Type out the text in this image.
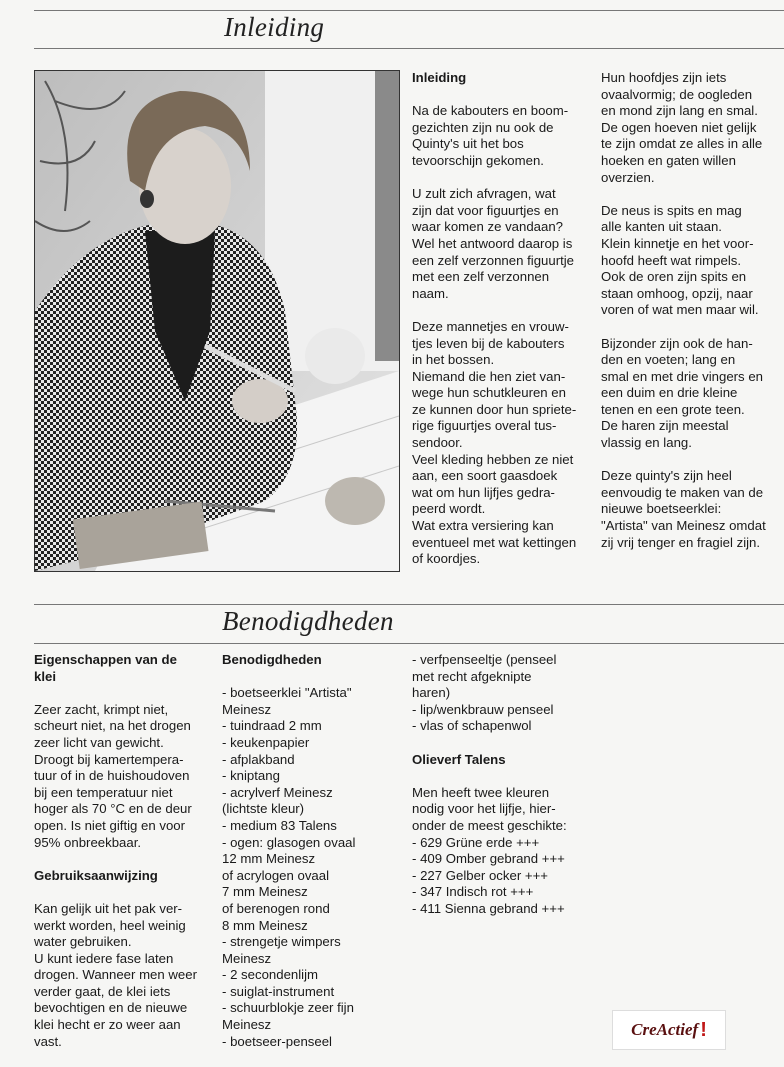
Inleiding
Inleiding

Na de kabouters en boom-
gezichten zijn nu ook de
Quinty's uit het bos
tevoorschijn gekomen.

U zult zich afvragen, wat
zijn dat voor figuurtjes en
waar komen ze vandaan?
Wel het antwoord daarop is
een zelf verzonnen figuurtje
met een zelf verzonnen
naam.

Deze mannetjes en vrouw-
tjes leven bij de kabouters
in het bossen.
Niemand die hen ziet van-
wege hun schutkleuren en
ze kunnen door hun spriete-
rige figuurtjes overal tus-
sendoor.
Veel kleding hebben ze niet
aan, een soort gaasdoek
wat om hun lijfjes gedra-
peerd wordt.
Wat extra versiering kan
eventueel met wat kettingen
of koordjes.

Hun hoofdjes zijn iets
ovaalvormig; de oogleden
en mond zijn lang en smal.
De ogen hoeven niet gelijk
te zijn omdat ze alles in alle
hoeken en gaten willen
overzien.

De neus is spits en mag
alle kanten uit staan.
Klein kinnetje en het voor-
hoofd heeft wat rimpels.
Ook de oren zijn spits en
staan omhoog, opzij, naar
voren of wat men maar wil.

Bijzonder zijn ook de han-
den en voeten; lang en
smal en met drie vingers en
een duim en drie kleine
tenen en een grote teen.
De haren zijn meestal
vlassig en lang.

Deze quinty's zijn heel
eenvoudig te maken van de
nieuwe boetseerklei:
"Artista" van Meinesz omdat
zij vrij tenger en fragiel zijn.

Benodigdheden
Eigenschappen van de
klei

Zeer zacht, krimpt niet,
scheurt niet, na het drogen
zeer licht van gewicht.
Droogt bij kamertempera-
tuur of in de huishoudoven
bij een temperatuur niet
hoger als 70 °C en de deur
open. Is niet giftig en voor
95% onbreekbaar.

Gebruiksaanwijzing

Kan gelijk uit het pak ver-
werkt worden, heel weinig
water gebruiken.
U kunt iedere fase laten
drogen. Wanneer men weer
verder gaat, de klei iets
bevochtigen en de nieuwe
klei hecht er zo weer aan
vast.

Benodigdheden
- boetseerklei "Artista"
Meinesz
- tuindraad 2 mm
- keukenpapier
- afplakband
- kniptang
- acrylverf Meinesz
(lichtste kleur)
- medium 83 Talens
- ogen: glasogen ovaal
12 mm Meinesz
of acrylogen ovaal
7 mm Meinesz
of berenogen rond
8 mm Meinesz
- strengetje wimpers
Meinesz
- 2 secondenlijm
- suiglat-instrument
- schuurblokje zeer fijn
Meinesz
- boetseer-penseel
- verfpenseeltje (penseel
met recht afgeknipte
haren)
- lip/wenkbrauw penseel
- vlas of schapenwol
Olieverf Talens

Men heeft twee kleuren
nodig voor het lijfje, hier-
onder de meest geschikte:

- 629 Grüne erde +++
- 409 Omber gebrand +++
- 227 Gelber ocker +++
- 347 Indisch rot +++
- 411 Sienna gebrand +++
CreActief !
